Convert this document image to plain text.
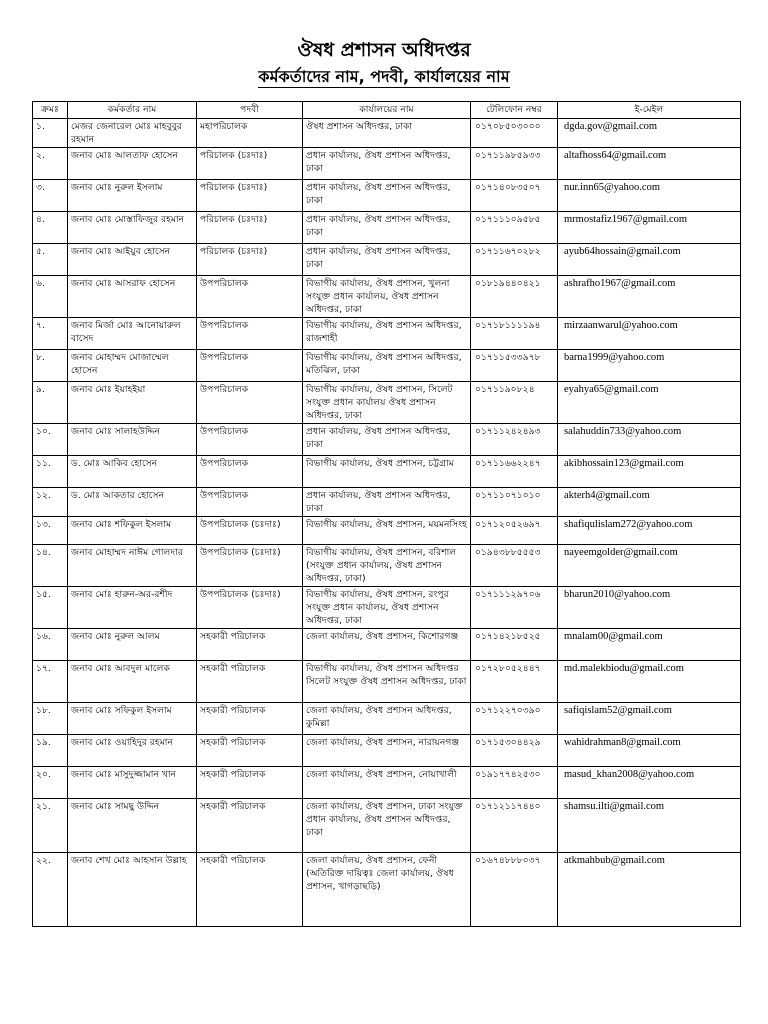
ঔষধ প্রশাসন অধিদপ্তর
কর্মকর্তাদের নাম, পদবী, কার্যালয়ের নাম
ক্রমঃ	কর্মকর্তার নাম	পদবী	কার্যালয়ের নাম	টেলিফোন নম্বর	ই-মেইল
১.	মেজর জেনারেল মোঃ মাহবুবুর রহমান	মহাপরিচালক	ঔষধ প্রশাসন অধিদপ্তর, ঢাকা	০১৭০৮৫০৩০০০	dgda.gov@gmail.com
২.	জনাব মোঃ আলতাফ হোসেন	পরিচালক (চঃদাঃ)	প্রধান কার্যালয়, ঔষধ প্রশাসন অধিদপ্তর, ঢাকা	০১৭১১৯৮৫৯৩৩	altafhoss64@gmail.com
৩.	জনাব মোঃ নুরুল ইসলাম	পরিচালক (চঃদাঃ)	প্রধান কার্যালয়, ঔষধ প্রশাসন অধিদপ্তর, ঢাকা	০১৭১৪০৮৩৫০৭	nur.inn65@yahoo.com
৪.	জনাব মোঃ মোস্তাফিজুর রহমান	পরিচালক (চঃদাঃ)	প্রধান কার্যালয়, ঔষধ প্রশাসন অধিদপ্তর, ঢাকা	০১৭১১১০৯৫৮৫	mrmostafiz1967@gmail.com
৫.	জনাব মোঃ আইয়ুব হোসেন	পরিচালক (চঃদাঃ)	প্রধান কার্যালয়, ঔষধ প্রশাসন অধিদপ্তর, ঢাকা	০১৭১১৬৭০২৮২	ayub64hossain@gmail.com
৬.	জনাব মোঃ আসরাফ হোসেন	উপপরিচালক	বিভাগীয় কার্যালয়, ঔষধ প্রশাসন, খুলনা সংযুক্ত প্রধান কার্যালয়, ঔষধ প্রশাসন অধিদপ্তর, ঢাকা	০১৮১৯৪৪০৪২১	ashrafho1967@gmail.com
৭.	জনাব মির্জা মোঃ আনোয়ারুল বাসেদ	উপপরিচালক	বিভাগীয় কার্যালয়, ঔষধ প্রশাসন অধিদপ্তর, রাজশাহী	০১৭১৮১১১১৯৪	mirzaanwarul@yahoo.com
৮.	জনাব মোহাম্মদ মোজাম্মেল হোসেন	উপপরিচালক	বিভাগীয় কার্যালয়, ঔষধ প্রশাসন অধিদপ্তর, মতিঝিল, ঢাকা	০১৭১১৫৩৩৯৭৮	barna1999@yahoo.com
৯.	জনাব মোঃ ইয়াহইয়া	উপপরিচালক	বিভাগীয় কার্যালয়, ঔষধ প্রশাসন, সিলেট সংযুক্ত প্রধান কার্যালয় ঔষধ প্রশাসন অধিদপ্তর, ঢাকা	০১৭১১৯০৮২৪	eyahya65@gmail.com
১০.	জনাব মোঃ সালাহউদ্দিন	উপপরিচালক	প্রধান কার্যালয়, ঔষধ প্রশাসন অধিদপ্তর, ঢাকা	০১৭১১২৪২৪৯৩	salahuddin733@yahoo.com
১১.	ড. মোঃ আকিব হোসেন	উপপরিচালক	বিভাগীয় কার্যালয়, ঔষধ প্রশাসন, চট্টগ্রাম	০১৭১১৬৬২২৪৭	akibhossain123@gmail.com
১২.	ড. মোঃ আকতার হোসেন	উপপরিচালক	প্রধান কার্যালয়, ঔষধ প্রশাসন অধিদপ্তর, ঢাকা	০১৭১১০৭১০১০	akterh4@gmail.com
১৩.	জনাব মোঃ শফিকুল ইসলাম	উপপরিচালক (চঃদাঃ)	বিভাগীয় কার্যালয়, ঔষধ প্রশাসন, ময়মনসিংহ	০১৭১২০৫২৬৯৭	shafiqulislam272@yahoo.com
১৪.	জনাব মোহাম্মদ নাঈম গোলদার	উপপরিচালক (চঃদাঃ)	বিভাগীয় কার্যালয়, ঔষধ প্রশাসন, বরিশাল (সংযুক্ত প্রধান কার্যালয়, ঔষধ প্রশাসন অধিদপ্তর, ঢাকা)	০১৯৪৩৮৮৫৫৫৩	nayeemgolder@gmail.com
১৫.	জনাব মোঃ হারুন-অর-রশীদ	উপপরিচালক (চঃদাঃ)	বিভাগীয় কার্যালয়, ঔষধ প্রশাসন, রংপুর সংযুক্ত প্রধান কার্যালয়, ঔষধ প্রশাসন অধিদপ্তর, ঢাকা	০১৭১১১২৯৭০৬	bharun2010@yahoo.com
১৬.	জনাব মোঃ নুরুল আলম	সহকারী পরিচালক	জেলা কার্যালয়, ঔষধ প্রশাসন, কিশোরগঞ্জ	০১৭১৪২১৮৫২৫	mnalam00@gmail.com
১৭.	জনাব মোঃ আবদুল মালেক	সহকারী পরিচালক	বিভাগীয় কার্যালয়, ঔষধ প্রশাসন অধিদপ্তর সিলেট সংযুক্ত ঔষধ প্রশাসন অধিদপ্তর, ঢাকা	০১৭২৮০৫২৪৪৭	md.malekbiodu@gmail.com
১৮.	জনাব মোঃ সফিকুল ইসলাম	সহকারী পরিচালক	জেলা কার্যালয়, ঔষধ প্রশাসন অধিদপ্তর, কুমিল্লা	০১৭১২২৭০৩৯০	safiqislam52@gmail.com
১৯.	জনাব মোঃ ওয়াহিদুর রহমান	সহকারী পরিচালক	জেলা কার্যালয়, ঔষধ প্রশাসন, নারায়নগঞ্জ	০১৭১৫৩০৪৪২৯	wahidrahman8@gmail.com
২০.	জনাব মোঃ মাসুদুজ্জামান খান	সহকারী পরিচালক	জেলা কার্যালয়, ঔষধ প্রশাসন, নোয়াখালী	০১৯১৭৭৪২৫৩০	masud_khan2008@yahoo.com
২১.	জনাব মোঃ সামছু উদ্দিন	সহকারী পরিচালক	জেলা কার্যালয়, ঔষধ প্রশাসন, ঢাকা সংযুক্ত প্রধান কার্যালয়, ঔষধ প্রশাসন অধিদপ্তর, ঢাকা	০১৭১২১১৭৪৪০	shamsu.ilti@gmail.com
২২.	জনাব শেখ মোঃ আহসান উল্লাহ	সহকারী পরিচালক	জেলা কার্যালয়, ঔষধ প্রশাসন, ফেনী (অতিরিক্ত দায়িত্বঃ জেলা কার্যালয়, ঔষধ প্রশাসন, খাগড়াছড়ি)	০১৬৭৪৮৮৮০৩৭	atkmahbub@gmail.com
